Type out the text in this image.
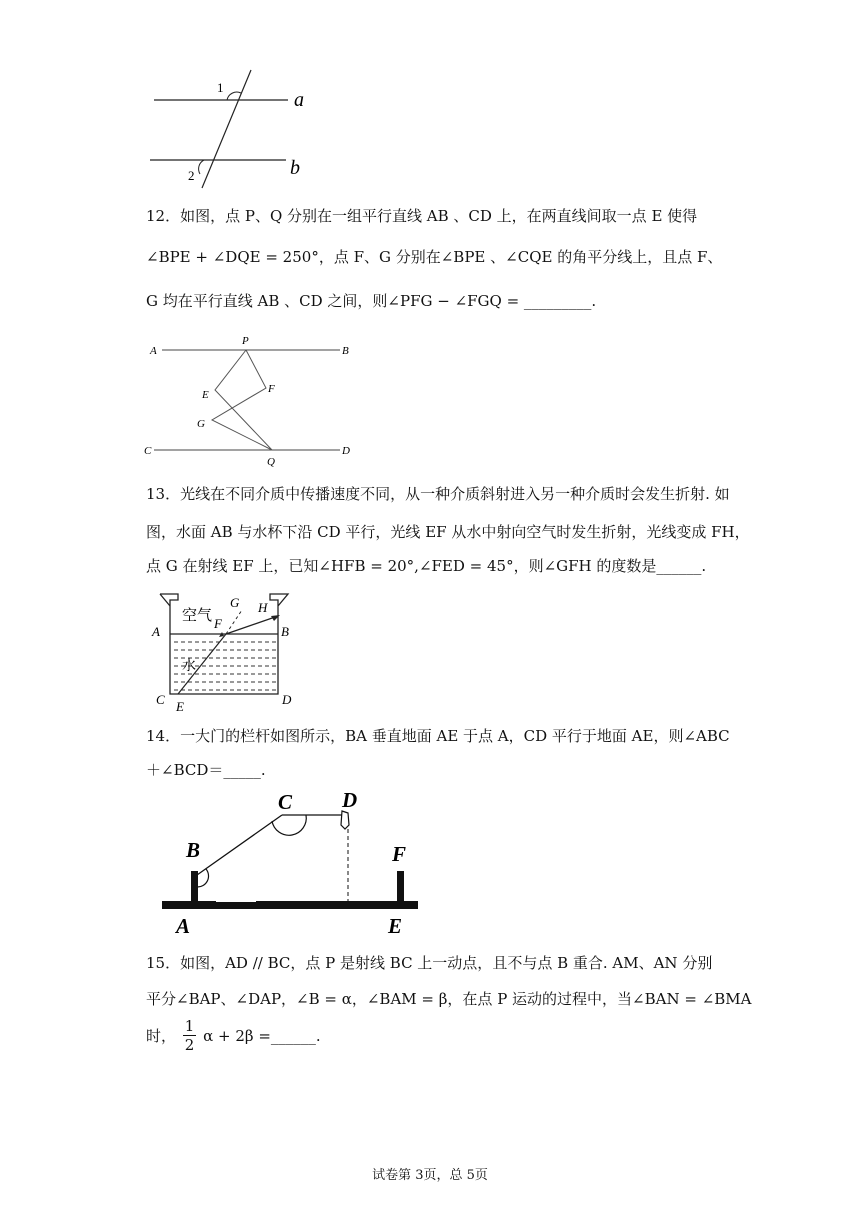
1
2
a
b
12．如图，点 P、Q 分别在一组平行直线 AB 、CD 上，在两直线间取一点 E 使得
∠BPE + ∠DQE = 250°，点 F、G 分别在∠BPE 、∠CQE 的角平分线上，且点 F、
G 均在平行直线 AB 、CD 之间，则∠PFG − ∠FGQ = _________.
A	B
P
E	F
G
C
Q
D
13．光线在不同介质中传播速度不同，从一种介质斜射进入另一种介质时会发生折射. 如
图，水面 AB 与水杯下沿 CD 平行，光线 EF 从水中射向空气时发生折射，光线变成 FH，
点 G 在射线 EF 上，已知∠HFB = 20°,∠FED = 45°，则∠GFH 的度数是______.
空气
水
A	B
C	D
E
F
G H
14．一大门的栏杆如图所示，BA 垂直地面 AE 于点 A，CD 平行于地面 AE，则∠ABC
＋∠BCD＝_____.
B
C D
F
A	E
15．如图，AD // BC，点 P 是射线 BC 上一动点，且不与点 B 重合. AM、AN 分别
平分∠BAP、∠DAP，∠B = α，∠BAM = β，在点 P 运动的过程中，当∠BAN = ∠BMA
时， $\frac{1}{2}$ α + 2β =______.
试卷第 3页，总 5页
